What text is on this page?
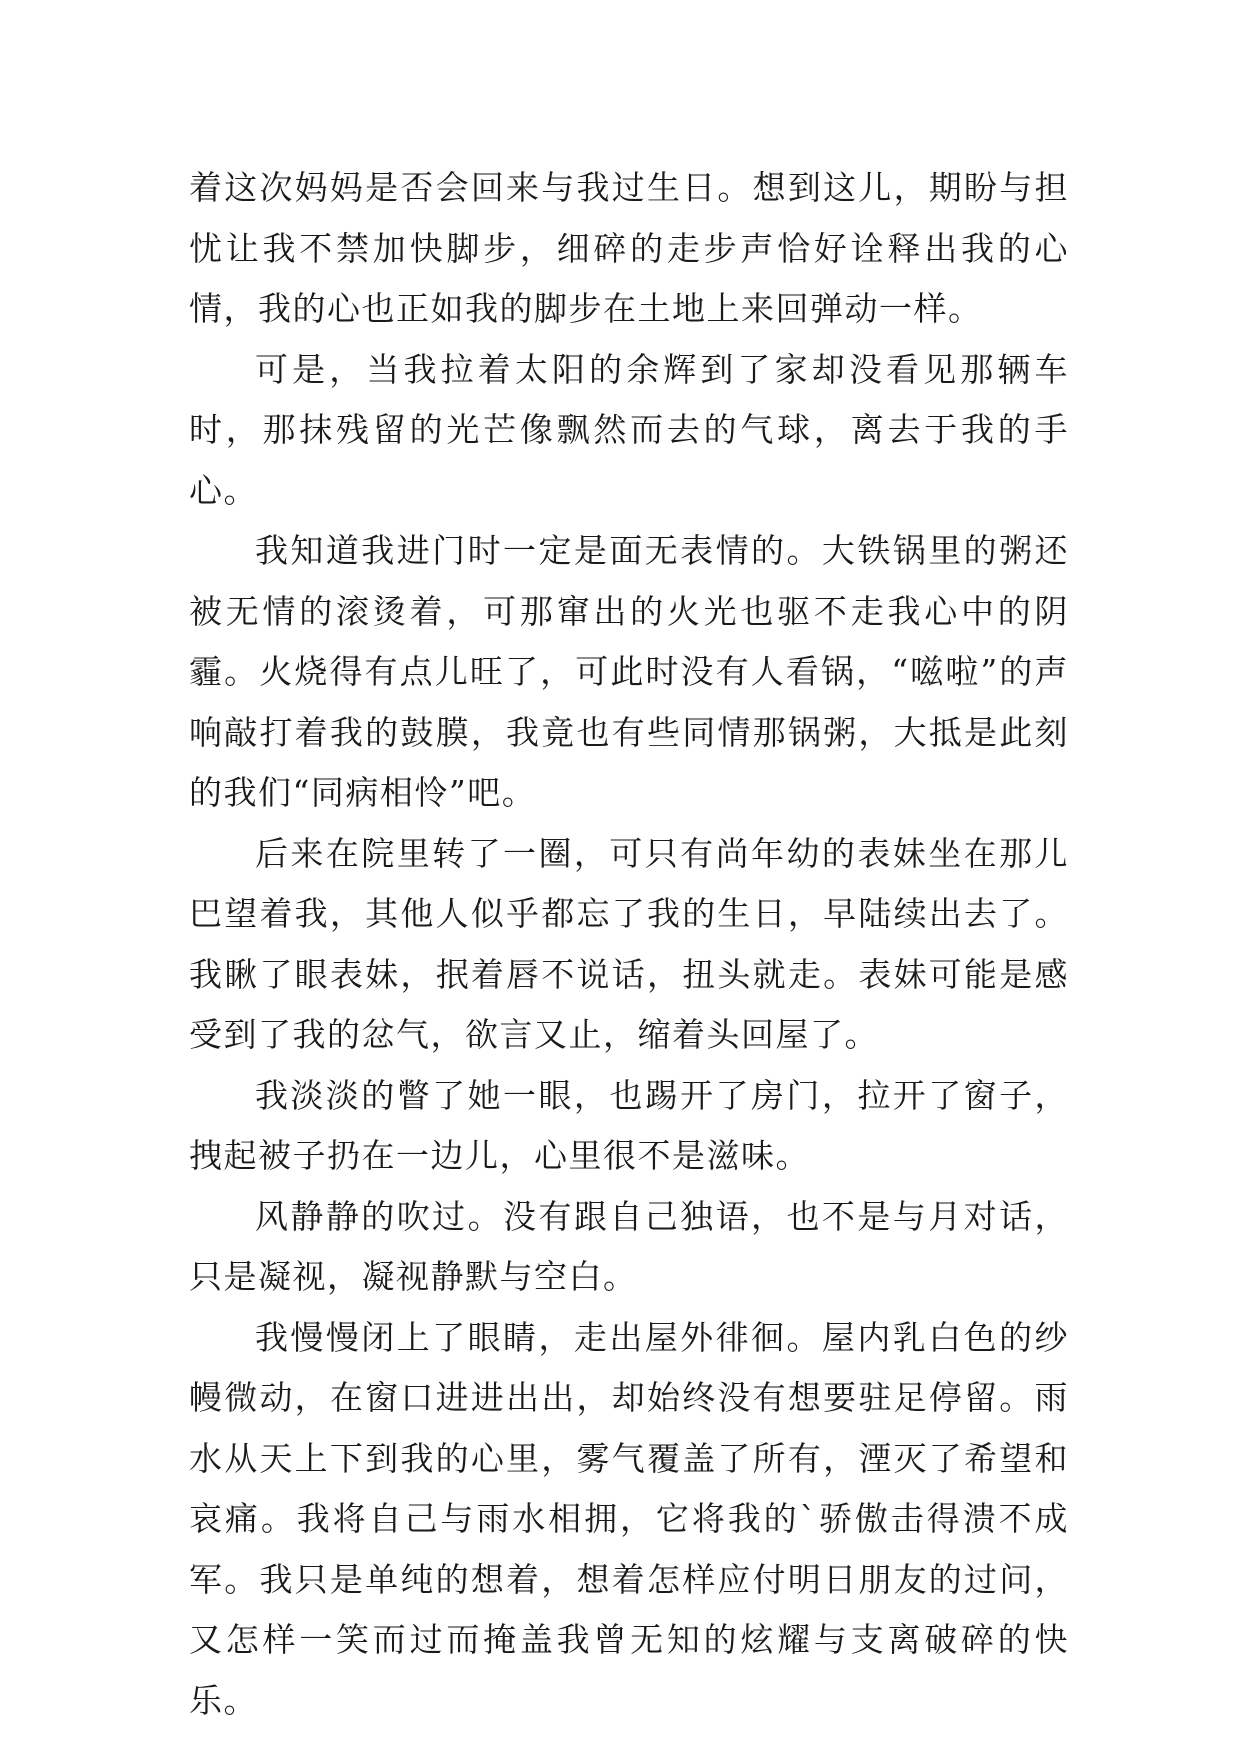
着这次妈妈是否会回来与我过生日。想到这儿，期盼与担忧让我不禁加快脚步，细碎的走步声恰好诠释出我的心情，我的心也正如我的脚步在土地上来回弹动一样。

可是，当我拉着太阳的余辉到了家却没看见那辆车时，那抹残留的光芒像飘然而去的气球，离去于我的手心。

我知道我进门时一定是面无表情的。大铁锅里的粥还被无情的滚烫着，可那窜出的火光也驱不走我心中的阴霾。火烧得有点儿旺了，可此时没有人看锅，“嗞啦”的声响敲打着我的鼓膜，我竟也有些同情那锅粥，大抵是此刻的我们“同病相怜”吧。

后来在院里转了一圈，可只有尚年幼的表妹坐在那儿巴望着我，其他人似乎都忘了我的生日，早陆续出去了。我瞅了眼表妹，抿着唇不说话，扭头就走。表妹可能是感受到了我的忿气，欲言又止，缩着头回屋了。

我淡淡的瞥了她一眼，也踢开了房门，拉开了窗子，拽起被子扔在一边儿，心里很不是滋味。

风静静的吹过。没有跟自己独语，也不是与月对话，只是凝视，凝视静默与空白。

我慢慢闭上了眼睛，走出屋外徘徊。屋内乳白色的纱幔微动，在窗口进进出出，却始终没有想要驻足停留。雨水从天上下到我的心里，雾气覆盖了所有，湮灭了希望和哀痛。我将自己与雨水相拥，它将我的`骄傲击得溃不成军。我只是单纯的想着，想着怎样应付明日朋友的过问，又怎样一笑而过而掩盖我曾无知的炫耀与支离破碎的快乐。
